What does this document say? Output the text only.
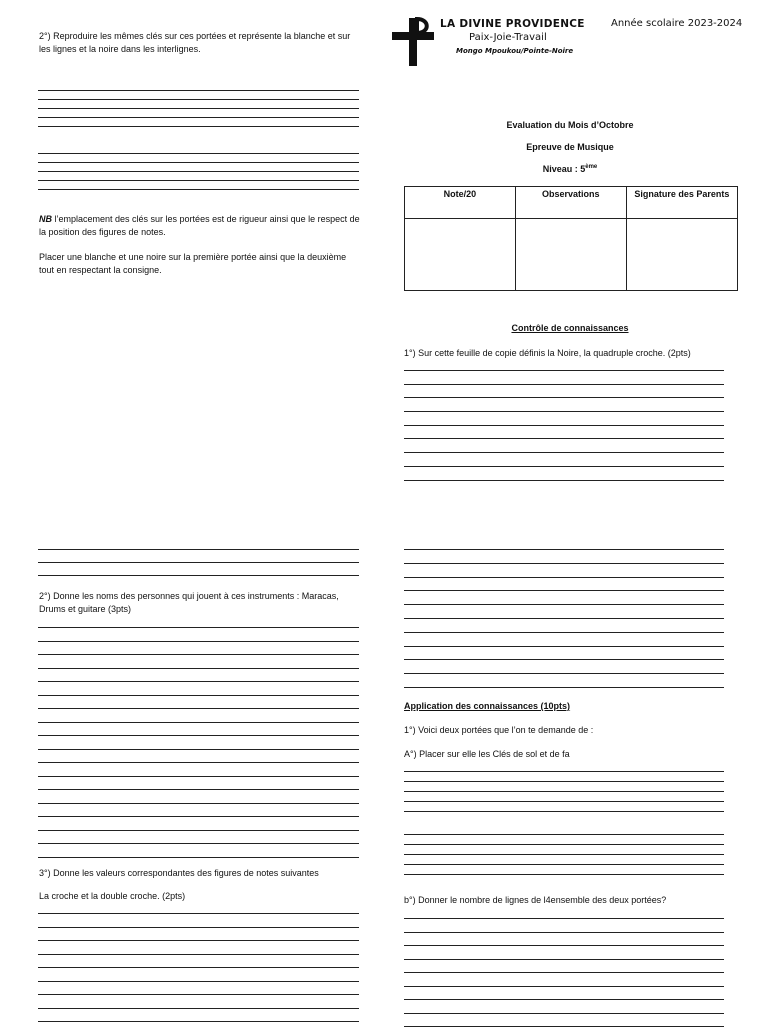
2°) Reproduire les mêmes clés sur ces portées et représente la blanche et sur les lignes et la noire dans les interlignes.
NB l’emplacement des clés sur les portées est de rigueur ainsi que le respect de la position des figures de notes.
Placer une blanche et une noire sur la première portée ainsi que la deuxième tout en respectant la consigne.
2°) Donne les noms des personnes qui jouent à ces instruments : Maracas, Drums et guitare (3pts)
3°) Donne les valeurs correspondantes des figures de notes suivantes
La croche et la double croche. (2pts)
LA DIVINE PROVIDENCE
Paix-Joie-Travail
Mongo Mpoukou/Pointe-Noire
Année scolaire 2023-2024
Evaluation du Mois d’Octobre
Epreuve de Musique
Niveau : 5ème
Note/20	Observations	Signature des Parents

Contrôle de connaissances
1°) Sur cette feuille de copie définis la Noire, la quadruple croche. (2pts)
Application des connaissances (10pts)
1°) Voici deux portées que l’on te demande de :
A°) Placer sur elle les Clés de sol et de fa
b°) Donner le nombre de lignes de l4ensemble des deux portées?
